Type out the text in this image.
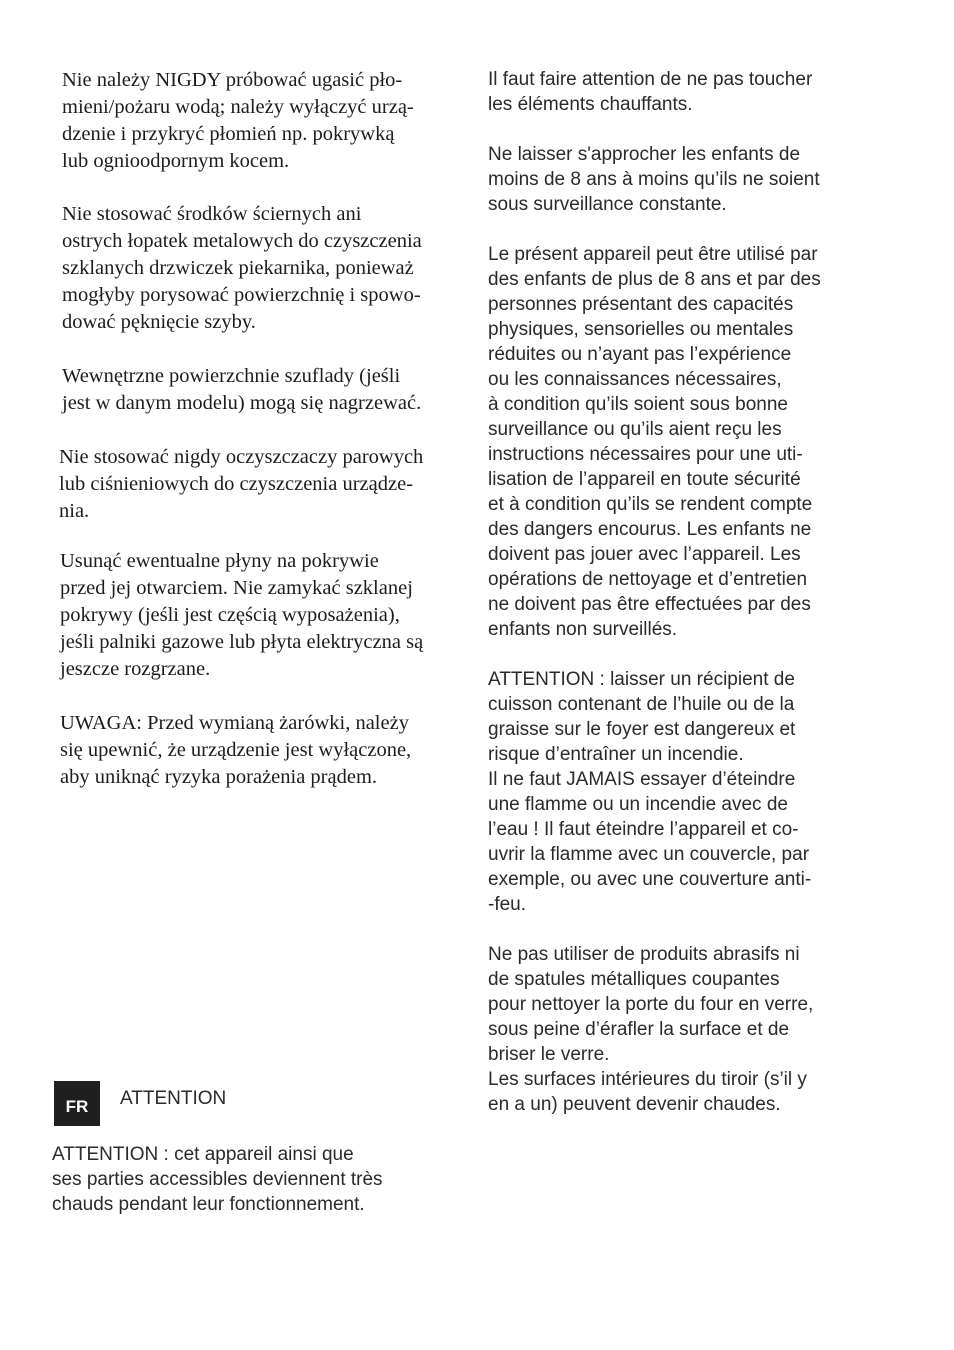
Nie należy NIGDY próbować ugasić pło-
mieni/pożaru wodą; należy wyłączyć urzą-
dzenie i przykryć płomień np. pokrywką
lub ognioodpornym kocem.

Nie stosować środków ściernych ani
ostrych łopatek metalowych do czyszczenia
szklanych drzwiczek piekarnika, ponieważ
mogłyby porysować powierzchnię i spowo-
dować pęknięcie szyby.

Wewnętrzne powierzchnie szuflady (jeśli
jest w danym modelu) mogą się nagrzewać.

Nie stosować nigdy oczyszczaczy parowych
lub ciśnieniowych do czyszczenia urządze-
nia.

Usunąć ewentualne płyny na pokrywie
przed jej otwarciem. Nie zamykać szklanej
pokrywy (jeśli jest częścią wyposażenia),
jeśli palniki gazowe lub płyta elektryczna są
jeszcze rozgrzane.

UWAGA: Przed wymianą żarówki, należy
się upewnić, że urządzenie jest wyłączone,
aby uniknąć ryzyka porażenia prądem.

FR	ATTENTION

ATTENTION : cet appareil ainsi que
ses parties accessibles deviennent très
chauds pendant leur fonctionnement.

Il faut faire attention de ne pas toucher
les éléments chauffants.

Ne laisser s'approcher les enfants de
moins de 8 ans à moins qu’ils ne soient
sous surveillance constante.

Le présent appareil peut être utilisé par
des enfants de plus de 8 ans et par des
personnes présentant des capacités
physiques, sensorielles ou mentales
réduites ou n’ayant pas l’expérience
ou les connaissances nécessaires,
à condition qu’ils soient sous bonne
surveillance ou qu’ils aient reçu les
instructions nécessaires pour une uti-
lisation de l’appareil en toute sécurité
et à condition qu’ils se rendent compte
des dangers encourus. Les enfants ne
doivent pas jouer avec l’appareil. Les
opérations de nettoyage et d’entretien
ne doivent pas être effectuées par des
enfants non surveillés.

ATTENTION : laisser un récipient de
cuisson contenant de l’huile ou de la
graisse sur le foyer est dangereux et
risque d’entraîner un incendie.
Il ne faut JAMAIS essayer d’éteindre
une flamme ou un incendie avec de
l’eau ! Il faut éteindre l’appareil et co-
uvrir la flamme avec un couvercle, par
exemple, ou avec une couverture anti-
-feu.

Ne pas utiliser de produits abrasifs ni
de spatules métalliques coupantes
pour nettoyer la porte du four en verre,
sous peine d’érafler la surface et de
briser le verre.
Les surfaces intérieures du tiroir (s’il y
en a un) peuvent devenir chaudes.
